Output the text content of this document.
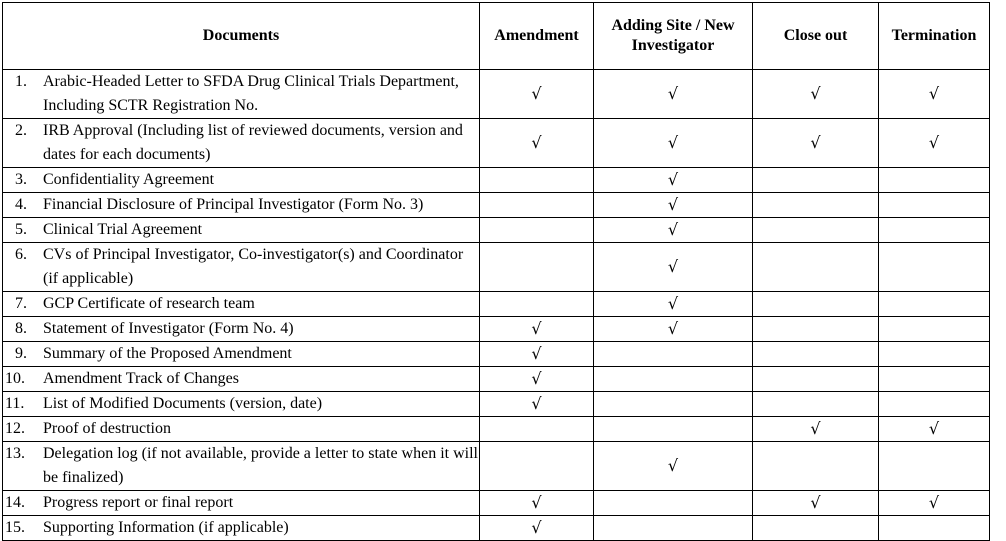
Documents	Amendment	Adding Site / New Investigator	Close out	Termination

1. Arabic-Headed Letter to SFDA Drug Clinical Trials Department, Including SCTR Registration No.	√	√	√	√

2. IRB Approval (Including list of reviewed documents, version and dates for each documents)	√	√	√	√

3. Confidentiality Agreement		√		

4. Financial Disclosure of Principal Investigator (Form No. 3)		√		

5. Clinical Trial Agreement		√		

6. CVs of Principal Investigator, Co-investigator(s) and Coordinator (if applicable)		√		

7. GCP Certificate of research team		√		

8. Statement of Investigator (Form No. 4)	√	√		

9. Summary of the Proposed Amendment	√			

10. Amendment Track of Changes	√			

11. List of Modified Documents (version, date)	√			

12. Proof of destruction			√	√

13. Delegation log (if not available, provide a letter to state when it will be finalized)		√		

14. Progress report or final report	√		√	√

15. Supporting Information (if applicable)	√			
